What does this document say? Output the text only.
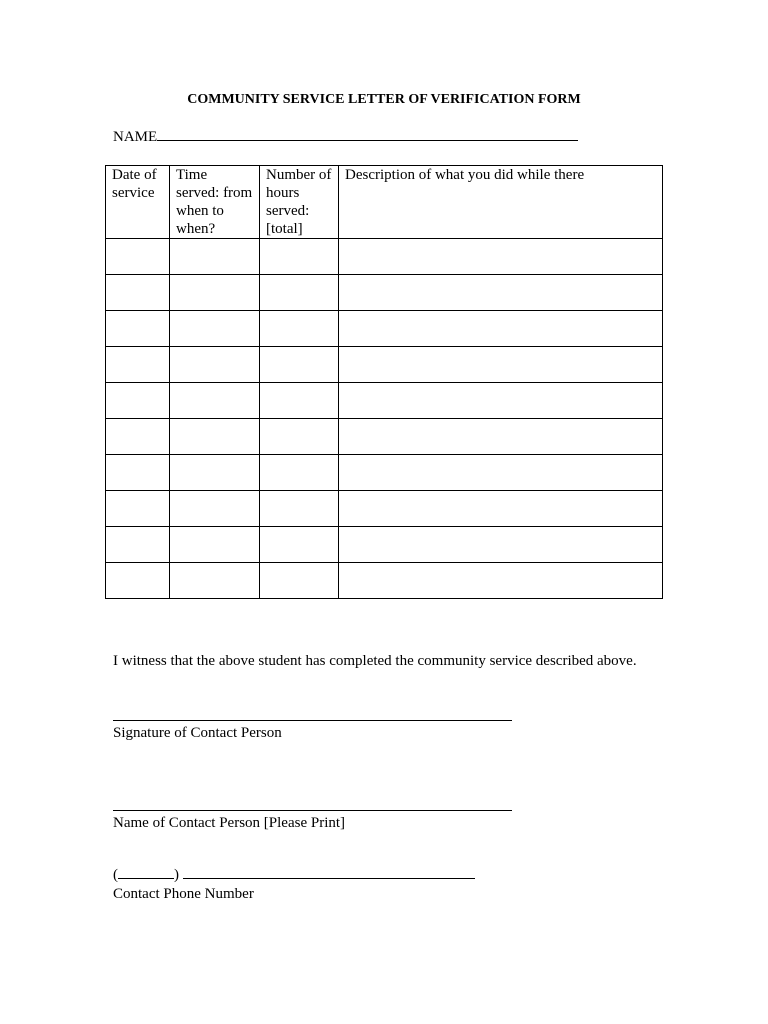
COMMUNITY SERVICE LETTER OF VERIFICATION FORM
NAME
Date of service	Time served: from when to when?	Number of hours served: [total]	Description of what you did while there

I witness that the above student has completed the community service described above.
Signature of Contact Person
Name of Contact Person [Please Print]
(	)
Contact Phone Number
